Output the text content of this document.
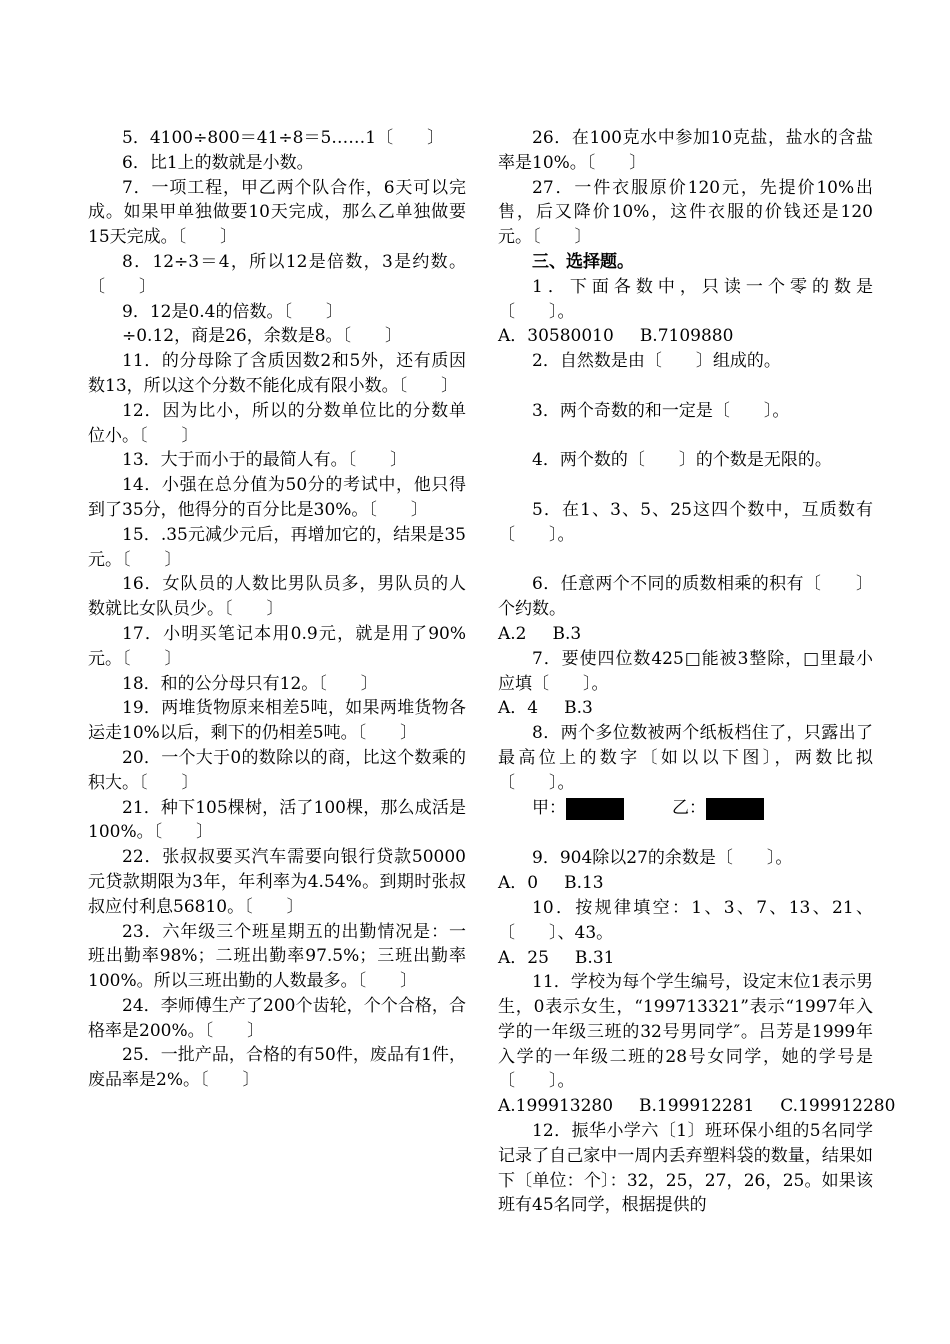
5．4100÷800＝41÷8＝5……1〔　　〕

6．比1上的数就是小数。

7．一项工程，甲乙两个队合作，6天可以完成。如果甲单独做要10天完成，那么乙单独做要15天完成。〔　　〕

8．12÷3＝4，所以12是倍数，3是约数。〔　　〕

9．12是0.4的倍数。〔　　〕

÷0.12，商是26，余数是8。〔　　〕

11．的分母除了含质因数2和5外，还有质因数13，所以这个分数不能化成有限小数。〔　　〕

12．因为比小，所以的分数单位比的分数单位小。〔　　〕

13．大于而小于的最简人有。〔　　〕

14．小强在总分值为50分的考试中，他只得到了35分，他得分的百分比是30%。〔　　〕

15．.35元减少元后，再增加它的，结果是35元。〔　　〕

16．女队员的人数比男队员多，男队员的人数就比女队员少。〔　　〕

17．小明买笔记本用0.9元，就是用了90%元。〔　　〕

18．和的公分母只有12。〔　　〕

19．两堆货物原来相差5吨，如果两堆货物各运走10%以后，剩下的仍相差5吨。〔　　〕

20．一个大于0的数除以的商，比这个数乘的积大。〔　　〕

21．种下105棵树，活了100棵，那么成活是100%。〔　　〕

22．张叔叔要买汽车需要向银行贷款50000元贷款期限为3年，年利率为4.54%。到期时张叔叔应付利息56810。〔　　〕

23．六年级三个班星期五的出勤情况是：一班出勤率98%；二班出勤率97.5%；三班出勤率100%。所以三班出勤的人数最多。〔　　〕

24．李师傅生产了200个齿轮，个个合格，合格率是200%。〔　　〕

25．一批产品，合格的有50件，废品有1件，废品率是2%。〔　　〕

26．在100克水中参加10克盐，盐水的含盐率是10%。〔　　〕

27．一件衣服原价120元，先提价10%出售，后又降价10%，这件衣服的价钱还是120元。〔　　〕

三、选择题。

1．下面各数中，只读一个零的数是〔　　〕。

A．30580010 B.7109880

2．自然数是由〔　　〕组成的。

3．两个奇数的和一定是〔　　〕。

4．两个数的〔　　〕的个数是无限的。

5．在1、3、5、25这四个数中，互质数有〔　　〕。

6．任意两个不同的质数相乘的积有〔　　〕个约数。

A.2 B.3

7．要使四位数425□能被3整除，□里最小应填〔　　〕。

A．4 B.3

8．两个多位数被两个纸板档住了，只露出了最高位上的数字〔如以以下图〕，两数比拟〔　　〕。

甲：	乙：

9．904除以27的余数是〔　　〕。

A．0 B.13

10．按规律填空：1、3、7、13、21、〔　　〕、43。

A．25 B.31

11．学校为每个学生编号，设定末位1表示男生，0表示女生，“199713321”表示“1997年入学的一年级三班的32号男同学″。吕芳是1999年入学的一年级二班的28号女同学，她的学号是〔　　〕。

A.199913280 B.199912281 C.199912280

12．振华小学六〔1〕班环保小组的5名同学记录了自己家中一周内丢弃塑料袋的数量，结果如下〔单位：个〕：32，25，27，26，25。如果该班有45名同学，根据提供的
